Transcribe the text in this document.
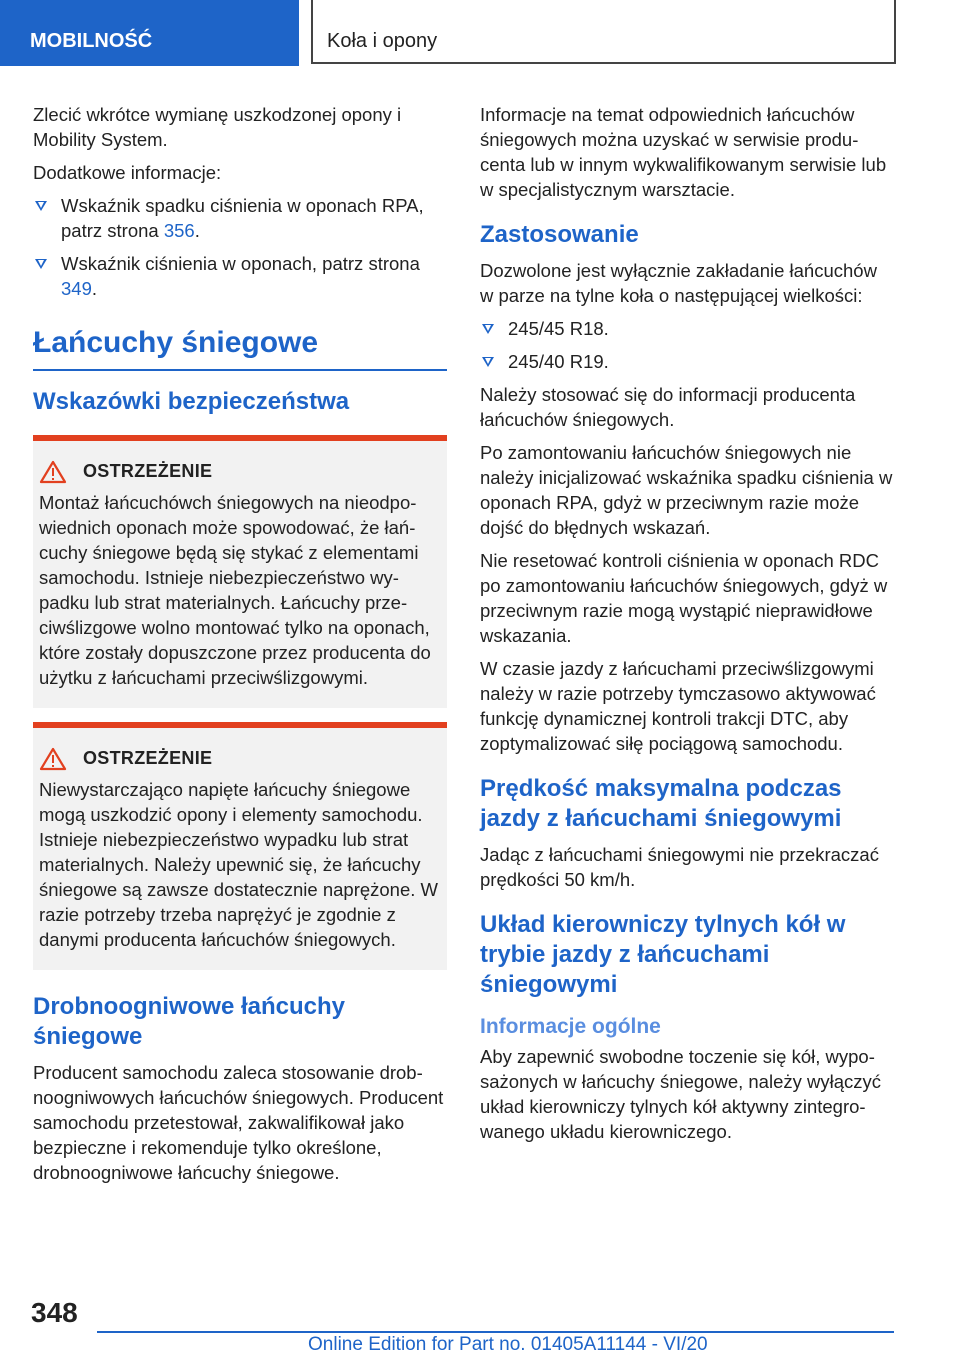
MOBILNOŚĆ	Koła i opony

Zlecić wkrótce wymianę uszkodzonej opony i Mobility System.

Dodatkowe informacje:

Wskaźnik spadku ciśnienia w oponach RPA, patrz strona 356.
Wskaźnik ciśnienia w oponach, patrz strona 349.
Łańcuchy śniegowe
Wskazówki bezpieczeństwa
OSTRZEŻENIE
Montaż łańcuchówch śniegowych na nieodpowiednich oponach może spowodować, że łańcuchy śniegowe będą się stykać z elementami samochodu. Istnieje niebezpieczeństwo wypadku lub strat materialnych. Łańcuchy przeciwślizgowe wolno montować tylko na oponach, które zostały dopuszczone przez producenta do użytku z łańcuchami przeciwślizgowymi.
OSTRZEŻENIE
Niewystarczająco napięte łańcuchy śniegowe mogą uszkodzić opony i elementy samochodu. Istnieje niebezpieczeństwo wypadku lub strat materialnych. Należy upewnić się, że łańcuchy śniegowe są zawsze dostatecznie naprężone. W razie potrzeby trzeba naprężyć je zgodnie z danymi producenta łańcuchów śniegowych.
Drobnoogniwowe łańcuchy śniegowe

Producent samochodu zaleca stosowanie drobnoogniwowych łańcuchów śniegowych. Producent samochodu przetestował, zakwalifikował jako bezpieczne i rekomenduje tylko określone, drobnoogniwowe łańcuchy śniegowe.

Informacje na temat odpowiednich łańcuchów śniegowych można uzyskać w serwisie producenta lub w innym wykwalifikowanym serwisie lub w specjalistycznym warsztacie.

Zastosowanie

Dozwolone jest wyłącznie zakładanie łańcuchów w parze na tylne koła o następującej wielkości:

245/45 R18.
245/40 R19.

Należy stosować się do informacji producenta łańcuchów śniegowych.

Po zamontowaniu łańcuchów śniegowych nie należy inicjalizować wskaźnika spadku ciśnienia w oponach RPA, gdyż w przeciwnym razie może dojść do błędnych wskazań.

Nie resetować kontroli ciśnienia w oponach RDC po zamontowaniu łańcuchów śniegowych, gdyż w przeciwnym razie mogą wystąpić nieprawidłowe wskazania.

W czasie jazdy z łańcuchami przeciwślizgowymi należy w razie potrzeby tymczasowo aktywować funkcję dynamicznej kontroli trakcji DTC, aby zoptymalizować siłę pociągową samochodu.

Prędkość maksymalna podczas jazdy z łańcuchami śniegowymi

Jadąc z łańcuchami śniegowymi nie przekraczać prędkości 50 km/h.

Układ kierowniczy tylnych kół w trybie jazdy z łańcuchami śniegowymi
Informacje ogólne

Aby zapewnić swobodne toczenie się kół, wyposażonych w łańcuchy śniegowe, należy wyłączyć układ kierowniczy tylnych kół aktywny zintegrowanego układu kierowniczego.

348
Online Edition for Part no. 01405A11144 - VI/20
